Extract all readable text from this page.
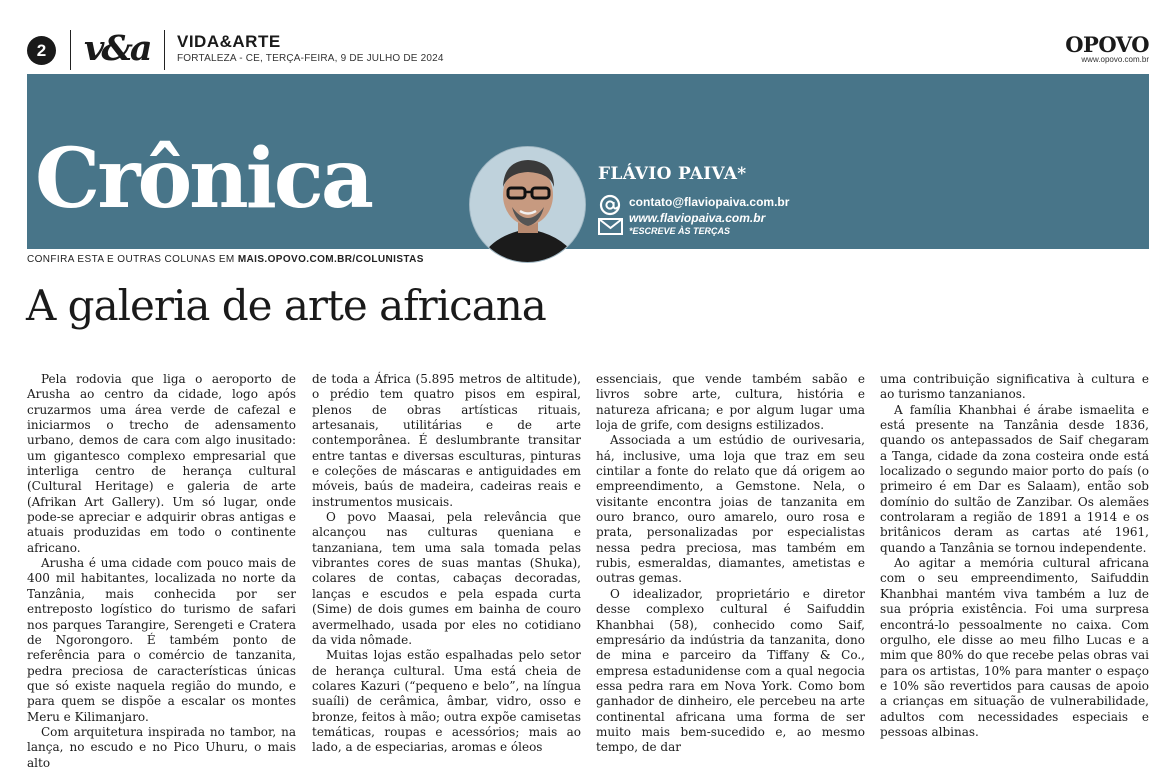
2 v&a VIDA&ARTE
FORTALEZA - CE, TERÇA-FEIRA, 9 DE JULHO DE 2024
OPOVO
www.opovo.com.br
Crônica	FLÁVIO PAIVA*
contato@flaviopaiva.com.br
www.flaviopaiva.com.br
*ESCREVE ÀS TERÇAS
CONFIRA ESTA E OUTRAS COLUNAS EM MAIS.OPOVO.COM.BR/COLUNISTAS
A galeria de arte africana

Pela rodovia que liga o aeroporto de Arusha ao centro da cidade, logo após cruzarmos uma área verde de cafezal e iniciarmos o trecho de adensamento urbano, demos de cara com algo inusitado: um gigantesco complexo empresarial que interliga centro de herança cultural (Cultural Heritage) e galeria de arte (Afrikan Art Gallery). Um só lugar, onde pode-se apreciar e adquirir obras antigas e atuais produzidas em todo o continente africano.

Arusha é uma cidade com pouco mais de 400 mil habitantes, localizada no norte da Tanzânia, mais conhecida por ser entreposto logístico do turismo de safari nos parques Tarangire, Serengeti e Cratera de Ngorongoro. É também ponto de referência para o comércio de tanzanita, pedra preciosa de características únicas que só existe naquela região do mundo, e para quem se dispõe a escalar os montes Meru e Kilimanjaro.

Com arquitetura inspirada no tambor, na lança, no escudo e no Pico Uhuru, o mais alto

de toda a África (5.895 metros de altitude), o prédio tem quatro pisos em espiral, plenos de obras artísticas rituais, artesanais, utilitárias e de arte contemporânea. É deslumbrante transitar entre tantas e diversas esculturas, pinturas e coleções de máscaras e antiguidades em móveis, baús de madeira, cadeiras reais e instrumentos musicais.

O povo Maasai, pela relevância que alcançou nas culturas queniana e tanzaniana, tem uma sala tomada pelas vibrantes cores de suas mantas (Shuka), colares de contas, cabaças decoradas, lanças e escudos e pela espada curta (Sime) de dois gumes em bainha de couro avermelhado, usada por eles no cotidiano da vida nômade.

Muitas lojas estão espalhadas pelo setor de herança cultural. Uma está cheia de colares Kazuri (“pequeno e belo”, na língua suaíli) de cerâmica, âmbar, vidro, osso e bronze, feitos à mão; outra expõe camisetas temáticas, roupas e acessórios; mais ao lado, a de especiarias, aromas e óleos

essenciais, que vende também sabão e livros sobre arte, cultura, história e natureza africana; e por algum lugar uma loja de grife, com designs estilizados.

Associada a um estúdio de ourivesaria, há, inclusive, uma loja que traz em seu cintilar a fonte do relato que dá origem ao empreendimento, a Gemstone. Nela, o visitante encontra joias de tanzanita em ouro branco, ouro amarelo, ouro rosa e prata, personalizadas por especialistas nessa pedra preciosa, mas também em rubis, esmeraldas, diamantes, ametistas e outras gemas.

O idealizador, proprietário e diretor desse complexo cultural é Saifuddin Khanbhai (58), conhecido como Saif, empresário da indústria da tanzanita, dono de mina e parceiro da Tiffany & Co., empresa estadunidense com a qual negocia essa pedra rara em Nova York. Como bom ganhador de dinheiro, ele percebeu na arte continental africana uma forma de ser muito mais bem-sucedido e, ao mesmo tempo, de dar

uma contribuição significativa à cultura e ao turismo tanzanianos.

A família Khanbhai é árabe ismaelita e está presente na Tanzânia desde 1836, quando os antepassados de Saif chegaram a Tanga, cidade da zona costeira onde está localizado o segundo maior porto do país (o primeiro é em Dar es Salaam), então sob domínio do sultão de Zanzibar. Os alemães controlaram a região de 1891 a 1914 e os britânicos deram as cartas até 1961, quando a Tanzânia se tornou independente.

Ao agitar a memória cultural africana com o seu empreendimento, Saifuddin Khanbhai mantém viva também a luz de sua própria existência. Foi uma surpresa encontrá-lo pessoalmente no caixa. Com orgulho, ele disse ao meu filho Lucas e a mim que 80% do que recebe pelas obras vai para os artistas, 10% para manter o espaço e 10% são revertidos para causas de apoio a crianças em situação de vulnerabilidade, adultos com necessidades especiais e pessoas albinas.
